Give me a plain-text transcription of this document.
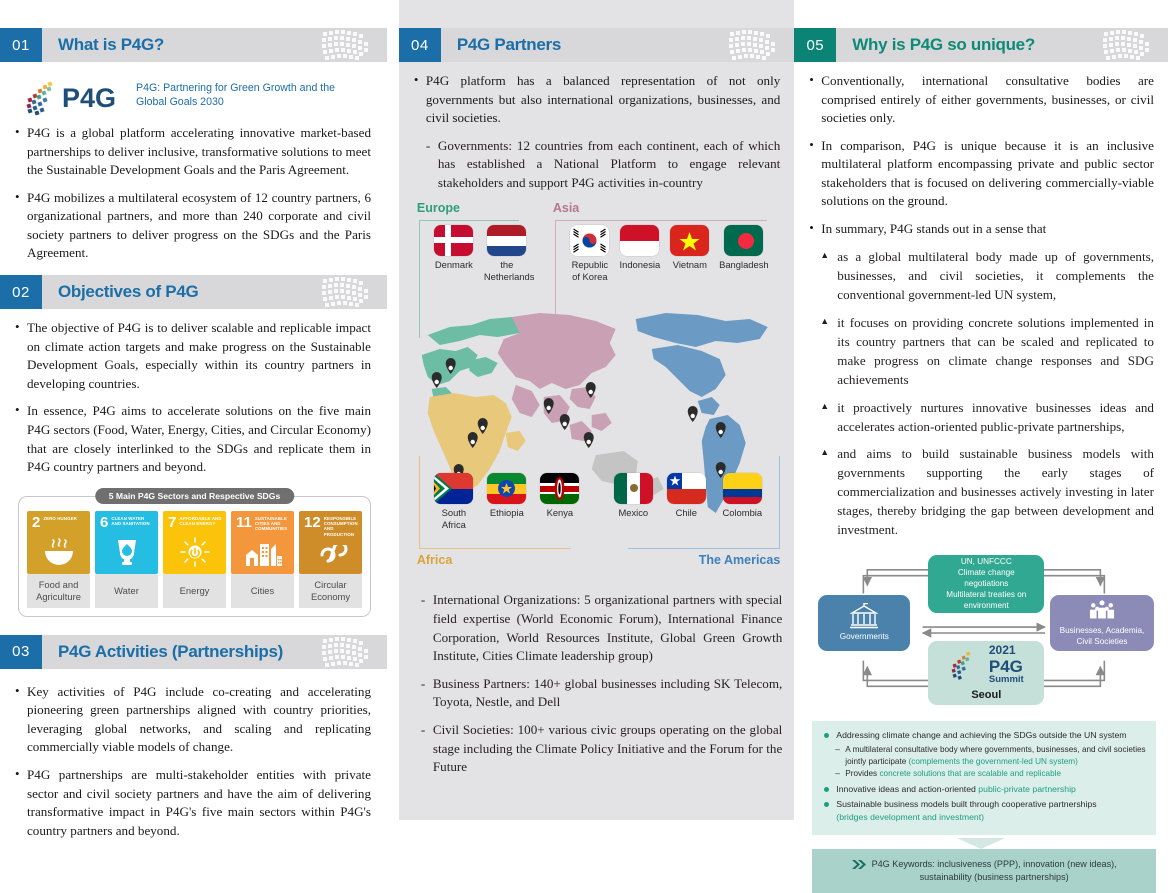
01	What is P4G?
P4G P4G: Partnering for Green Growth and the Global Goals 2030
• P4G is a global platform accelerating innovative market-based partnerships to deliver inclusive, transformative solutions to meet the Sustainable Development Goals and the Paris Agreement.
• P4G mobilizes a multilateral ecosystem of 12 country partners, 6 organizational partners, and more than 240 corporate and civil society partners to deliver progress on the SDGs and the Paris Agreement.
02	Objectives of P4G
• The objective of P4G is to deliver scalable and replicable impact on climate action targets and make progress on the Sustainable Development Goals, especially within its country partners in developing countries.
• In essence, P4G aims to accelerate solutions on the five main P4G sectors (Food, Water, Energy, Cities, and Circular Economy) that are closely interlinked to the SDGs and replicate them in P4G country partners and beyond.
5 Main P4G Sectors and Respective SDGs
2 ZERO HUNGER
Food and Agriculture
6 CLEAN WATER AND SANITATION
Water
7 AFFORDABLE AND CLEAN ENERGY
Energy
11 SUSTAINABLE CITIES AND COMMUNITIES
Cities
12 RESPONSIBLE CONSUMPTION AND PRODUCTION
Circular Economy
03	P4G Activities (Partnerships)
• Key activities of P4G include co-creating and accelerating pioneering green partnerships aligned with country priorities, leveraging global networks, and scaling and replicating commercially viable models of change.
• P4G partnerships are multi-stakeholder entities with private sector and civil society partners and have the aim of delivering transformative impact in P4G's five main sectors within P4G's country partners and beyond.
04	P4G Partners
• P4G platform has a balanced representation of not only governments but also international organizations, businesses, and civil societies.
- Governments: 12 countries from each continent, each of which has established a National Platform to engage relevant stakeholders and support P4G activities in-country
Europe	Asia
Denmark	the Netherlands
Republic of Korea
Indonesia	Vietnam	Bangladesh
South Africa
Ethiopia	Kenya	Mexico	Chile	Colombia
Africa	The Americas
- International Organizations: 5 organizational partners with special field expertise (World Economic Forum), International Finance Corporation, World Resources Institute, Global Green Growth Institute, Cities Climate leadership group)
- Business Partners: 140+ global businesses including SK Telecom, Toyota, Nestle, and Dell
- Civil Societies: 100+ various civic groups operating on the global stage including the Climate Policy Initiative and the Forum for the Future
05	Why is P4G so unique?
• Conventionally, international consultative bodies are comprised entirely of either governments, businesses, or civil societies only.
• In comparison, P4G is unique because it is an inclusive multilateral platform encompassing private and public sector stakeholders that is focused on delivering commercially-viable solutions on the ground.
• In summary, P4G stands out in a sense that
▲ as a global multilateral body made up of governments, businesses, and civil societies, it complements the conventional government-led UN system,
▲ it focuses on providing concrete solutions implemented in its country partners that can be scaled and replicated to make progress on climate change responses and SDG achievements
▲ it proactively nurtures innovative businesses ideas and accelerates action-oriented public-private partnerships,
▲ and aims to build sustainable business models with governments supporting the early stages of commercialization and businesses actively investing in later stages, thereby bridging the gap between development and investment.
UN, UNFCCC
Climate change
negotiations
Multilateral treaties on
environment
Governments
Businesses, Academia,
Civil Societies
2021
P4G
Summit
Seoul
Addressing climate change and achieving the SDGs outside the UN system
– A multilateral consultative body where governments, businesses, and civil societies jointly participate (complements the government-led UN system)
– Provides concrete solutions that are scalable and replicable
Innovative ideas and action-oriented public-private partnership
Sustainable business models built through cooperative partnerships
(bridges development and investment)
P4G Keywords: inclusiveness (PPP), innovation (new ideas),
sustainability (business partnerships)
